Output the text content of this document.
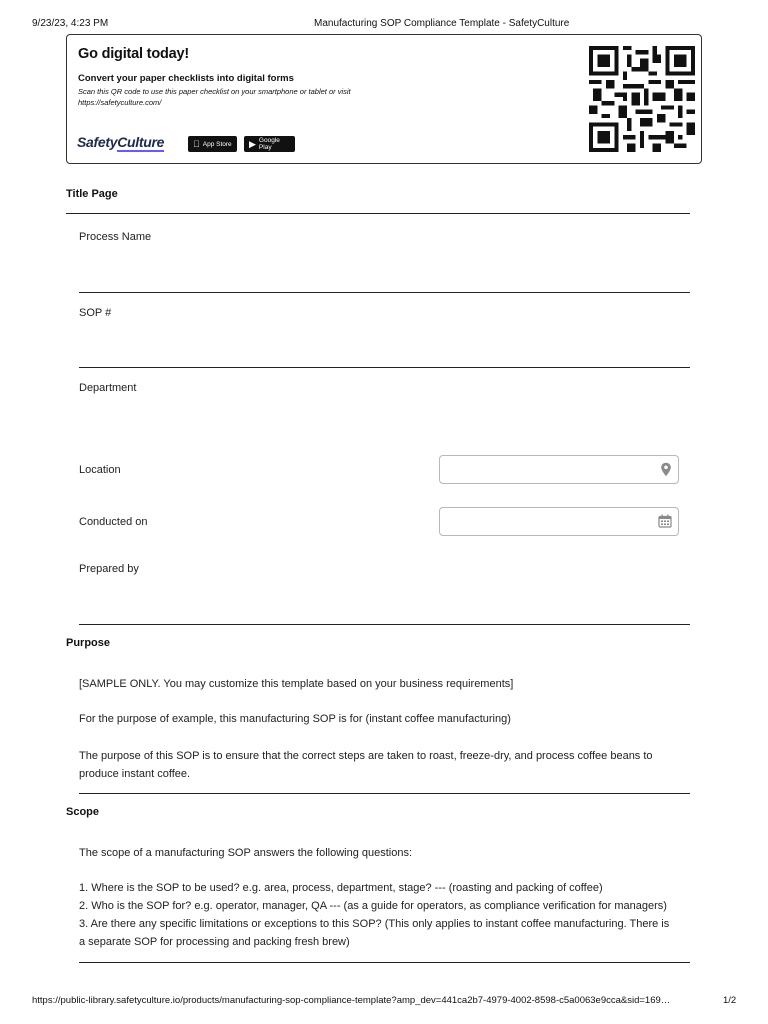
9/23/23, 4:23 PM	Manufacturing SOP Compliance Template - SafetyCulture
Go digital today!
Convert your paper checklists into digital forms
Scan this QR code to use this paper checklist on your smartphone or tablet or visit
https://safetyculture.com/
SafetyCulture	App Store	▶ Google Play
Title Page
Process Name
SOP #
Department
Location
Conducted on
Prepared by
Purpose
[SAMPLE ONLY. You may customize this template based on your business requirements]
For the purpose of example, this manufacturing SOP is for (instant coffee manufacturing)
The purpose of this SOP is to ensure that the correct steps are taken to roast, freeze-dry, and process coffee beans to
produce instant coffee.
Scope
The scope of a manufacturing SOP answers the following questions:
1. Where is the SOP to be used? e.g. area, process, department, stage? --- (roasting and packing of coffee)
2. Who is the SOP for? e.g. operator, manager, QA --- (as a guide for operators, as compliance verification for managers)
3. Are there any specific limitations or exceptions to this SOP? (This only applies to instant coffee manufacturing. There is
a separate SOP for processing and packing fresh brew)
https://public-library.safetyculture.io/products/manufacturing-sop-compliance-template?amp_dev=441ca2b7-4979-4002-8598-c5a0063e9cca&sid=169…	1/2
